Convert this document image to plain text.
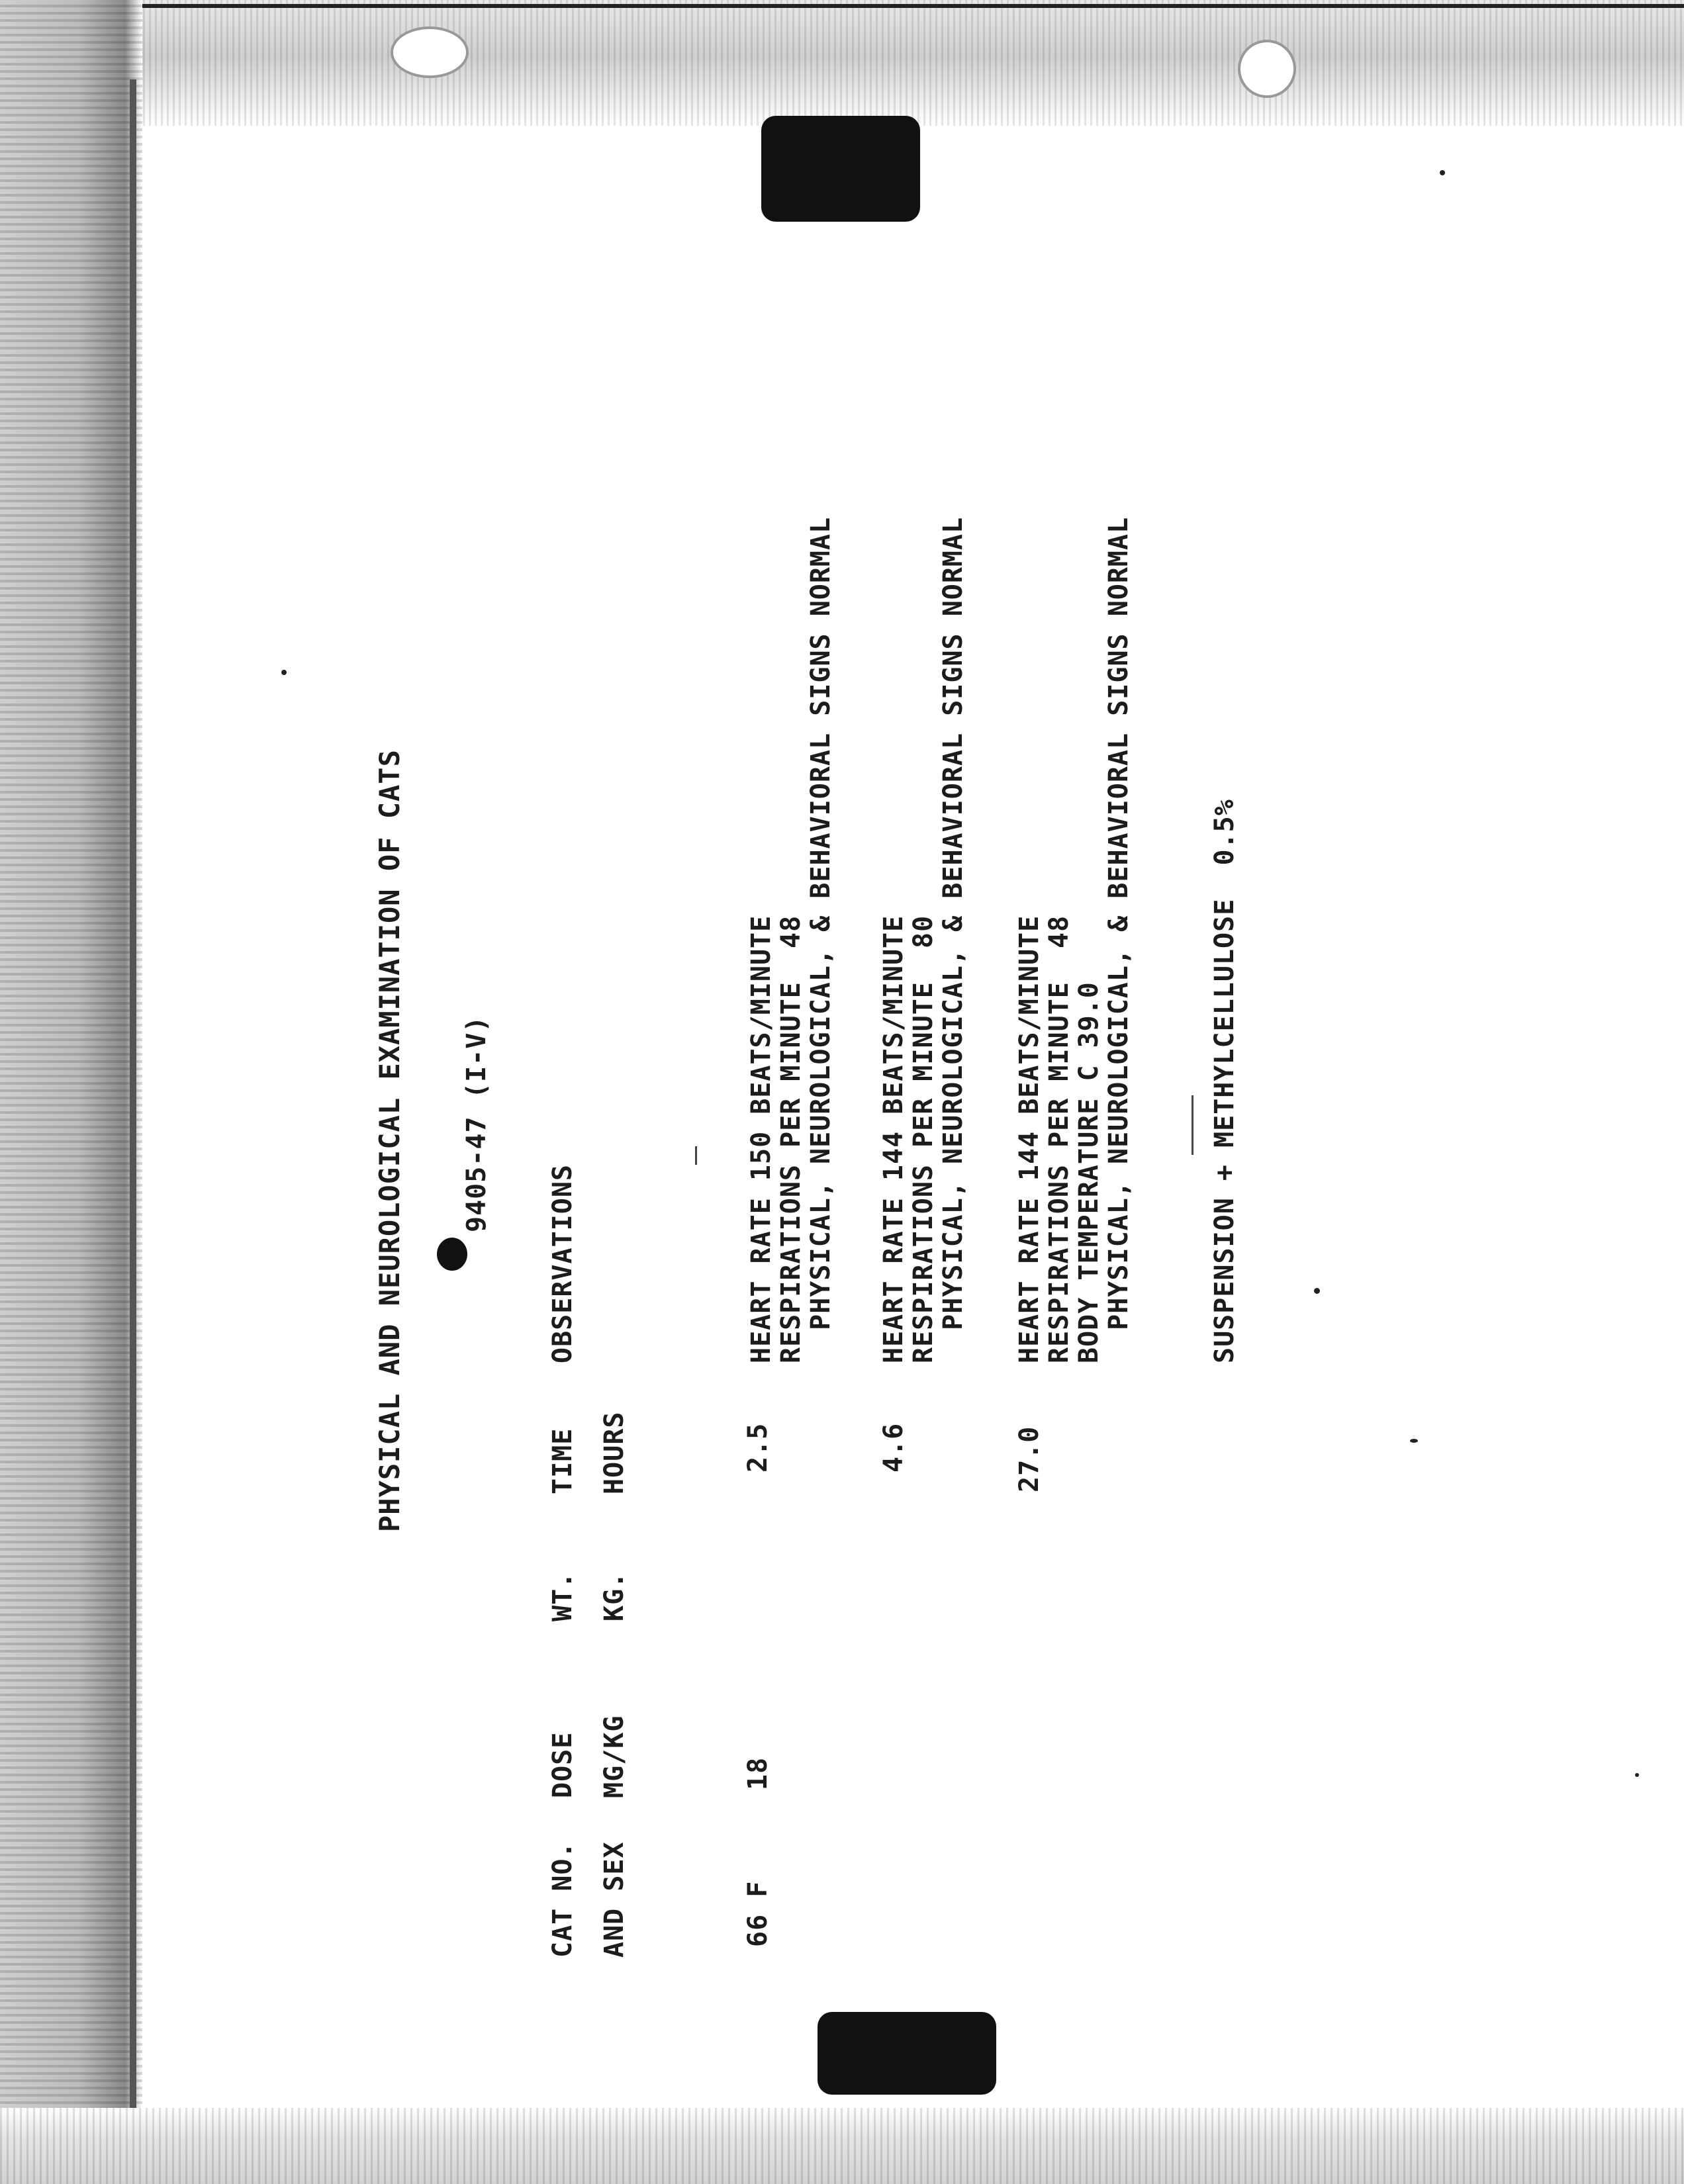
PHYSICAL AND NEUROLOGICAL EXAMINATION OF CATS 9405-47
(I-V)
CAT NO. AND SEX
DOSE MG/KG
WT. KG.
TIME HOURS
OBSERVATIONS
66 F
18
2.5
HEART RATE 150 BEATS/MINUTE RESPIRATIONS PER MINUTE  48 PHYSICAL, NEUROLOGICAL, & BEHAVIORAL SIGNS NORMAL
4.6
HEART RATE 144 BEATS/MINUTE RESPIRATIONS PER MINUTE  80 PHYSICAL, NEUROLOGICAL, & BEHAVIORAL SIGNS NORMAL
27.0
HEART RATE 144 BEATS/MINUTE RESPIRATIONS PER MINUTE  48 BODY TEMPERATURE C 39.0 PHYSICAL, NEUROLOGICAL, & BEHAVIORAL SIGNS NORMAL	SUSPENSION + METHYLCELLULOSE  0.5%
